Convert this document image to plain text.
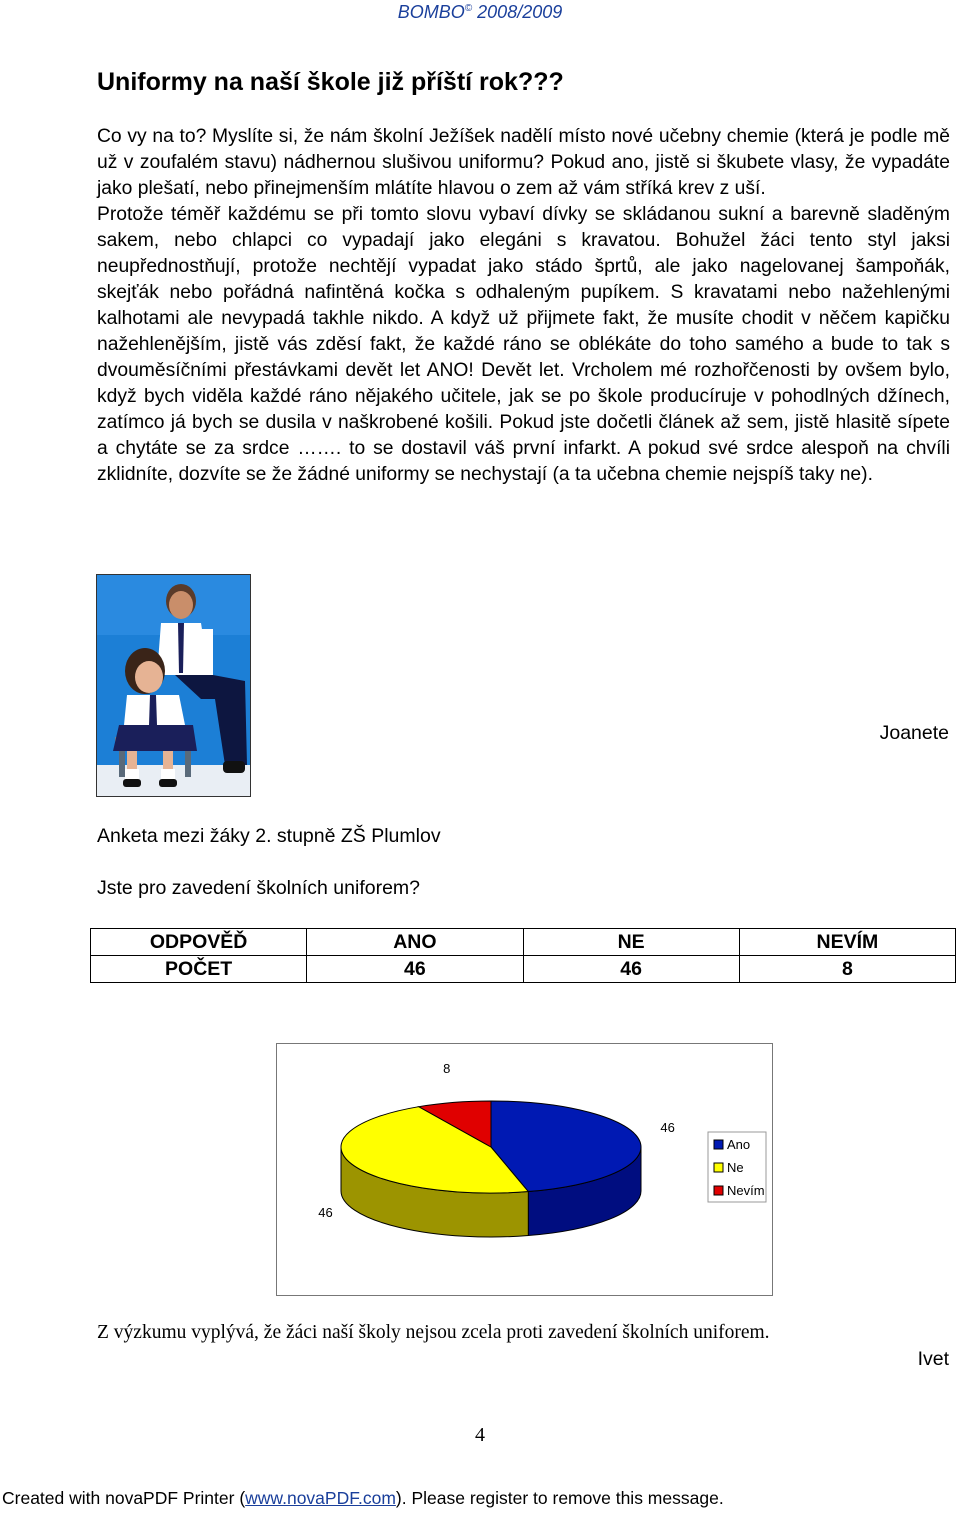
BOMBO© 2008/2009
Uniformy na naší škole již příští rok???

Co vy na to? Myslíte si, že nám školní Ježíšek nadělí místo nové učebny chemie (která je podle mě už v zoufalém stavu) nádhernou slušivou uniformu? Pokud ano, jistě si škubete vlasy, že vypadáte jako plešatí, nebo přinejmenším mlátíte hlavou o zem až vám stříká krev z uší.

Protože téměř každému se při tomto slovu vybaví dívky se skládanou sukní a barevně sladěným sakem, nebo chlapci co vypadají jako elegáni s kravatou. Bohužel žáci tento styl jaksi neupřednostňují, protože nechtějí vypadat jako stádo šprtů, ale jako nagelovanej šampoňák, skejťák nebo pořádná nafintěná kočka s odhaleným pupíkem. S kravatami nebo nažehlenými kalhotami ale nevypadá takhle nikdo. A když už přijmete fakt, že musíte chodit v něčem kapičku nažehlenějším, jistě vás zděsí fakt, že každé ráno se oblékáte do toho samého a bude to tak s dvouměsíčními přestávkami devět let ANO! Devět let. Vrcholem mé rozhořčenosti by ovšem bylo, když bych viděla každé ráno nějakého učitele, jak se po škole producíruje v pohodlných džínech, zatímco já bych se dusila v naškrobené košili. Pokud jste dočetli článek až sem, jistě hlasitě sípete a chytáte se za srdce ……. to se dostavil váš první infarkt. A pokud své srdce alespoň na chvíli zklidníte, dozvíte se že žádné uniformy se nechystají (a ta učebna chemie nejspíš taky ne).

Joanete
Anketa mezi žáky 2. stupně ZŠ Plumlov
Jste pro zavedení školních uniforem?
ODPOVĚĎ	ANO	NE	NEVÍM
POČET	46	46	8
46
46
8
Ano
Ne
Nevím
Z výzkumu vyplývá, že žáci naší školy nejsou zcela proti zavedení školních uniforem.
Ivet
4
Created with novaPDF Printer (www.novaPDF.com). Please register to remove this message.
